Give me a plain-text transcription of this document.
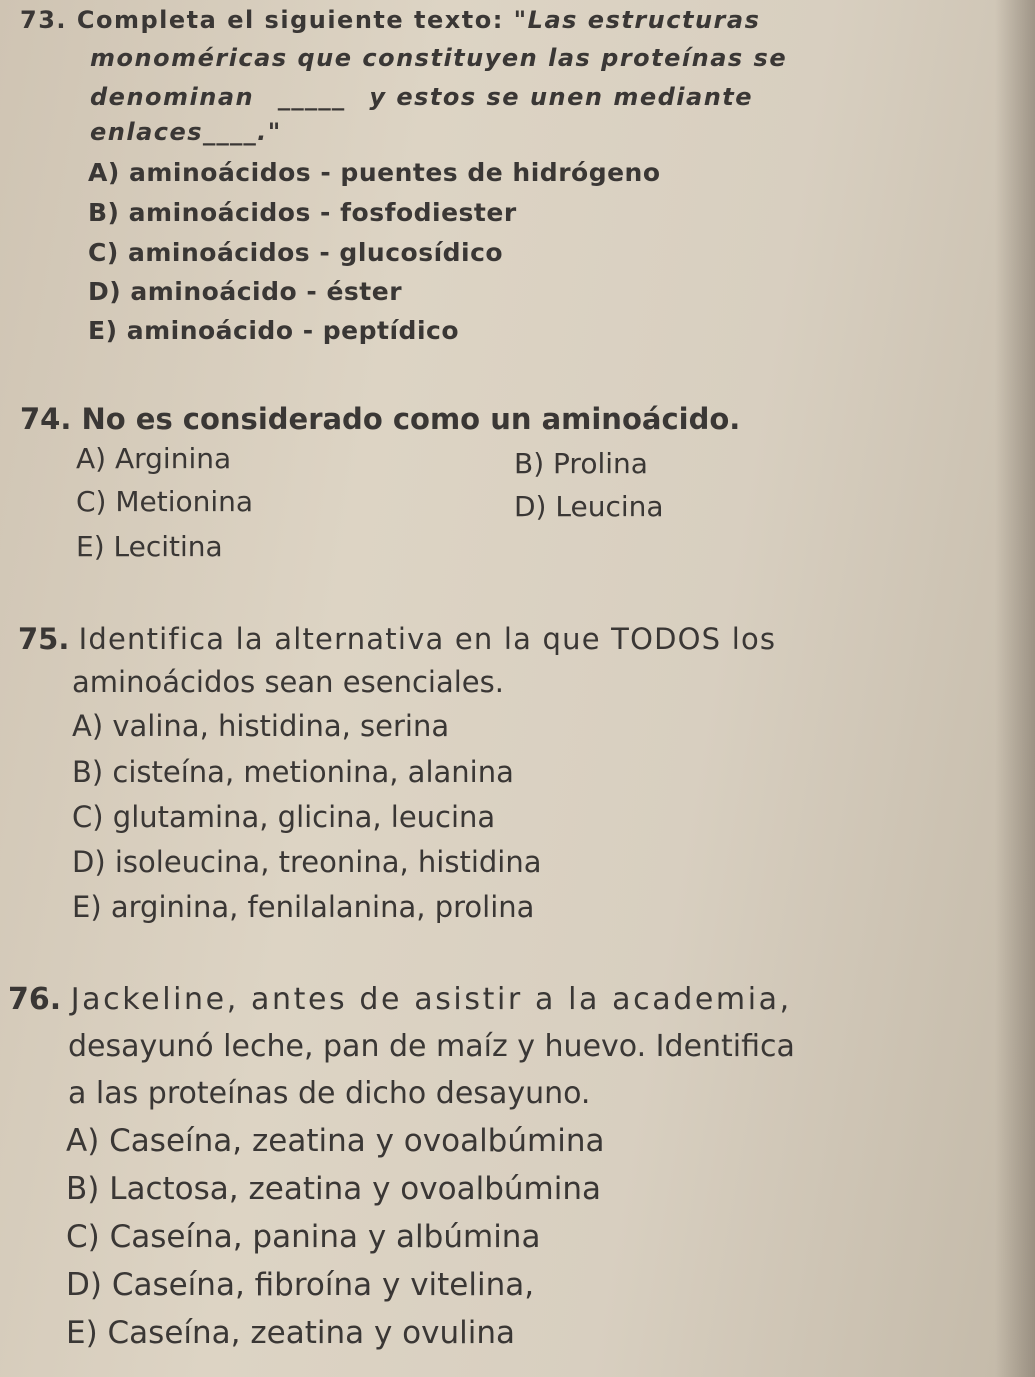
73. Completa el siguiente texto: "Las estructuras
monoméricas que constituyen las proteínas se
denominan _____ y estos se unen mediante
enlaces____."
A) aminoácidos - puentes de hidrógeno
B) aminoácidos - fosfodiester
C) aminoácidos - glucosídico
D) aminoácido - éster
E) aminoácido - peptídico
74. No es considerado como un aminoácido.
A) Arginina	B) Prolina
C) Metionina	D) Leucina
E) Lecitina
75. Identifica la alternativa en la que TODOS los
aminoácidos sean esenciales.
A) valina, histidina, serina
B) cisteína, metionina, alanina
C) glutamina, glicina, leucina
D) isoleucina, treonina, histidina
E) arginina, fenilalanina, prolina
76. Jackeline, antes de asistir a la academia,
desayunó leche, pan de maíz y huevo. Identifica
a las proteínas de dicho desayuno.
A) Caseína, zeatina y ovoalbúmina
B) Lactosa, zeatina y ovoalbúmina
C) Caseína, panina y albúmina
D) Caseína, fibroína y vitelina,
E) Caseína, zeatina y ovulina
